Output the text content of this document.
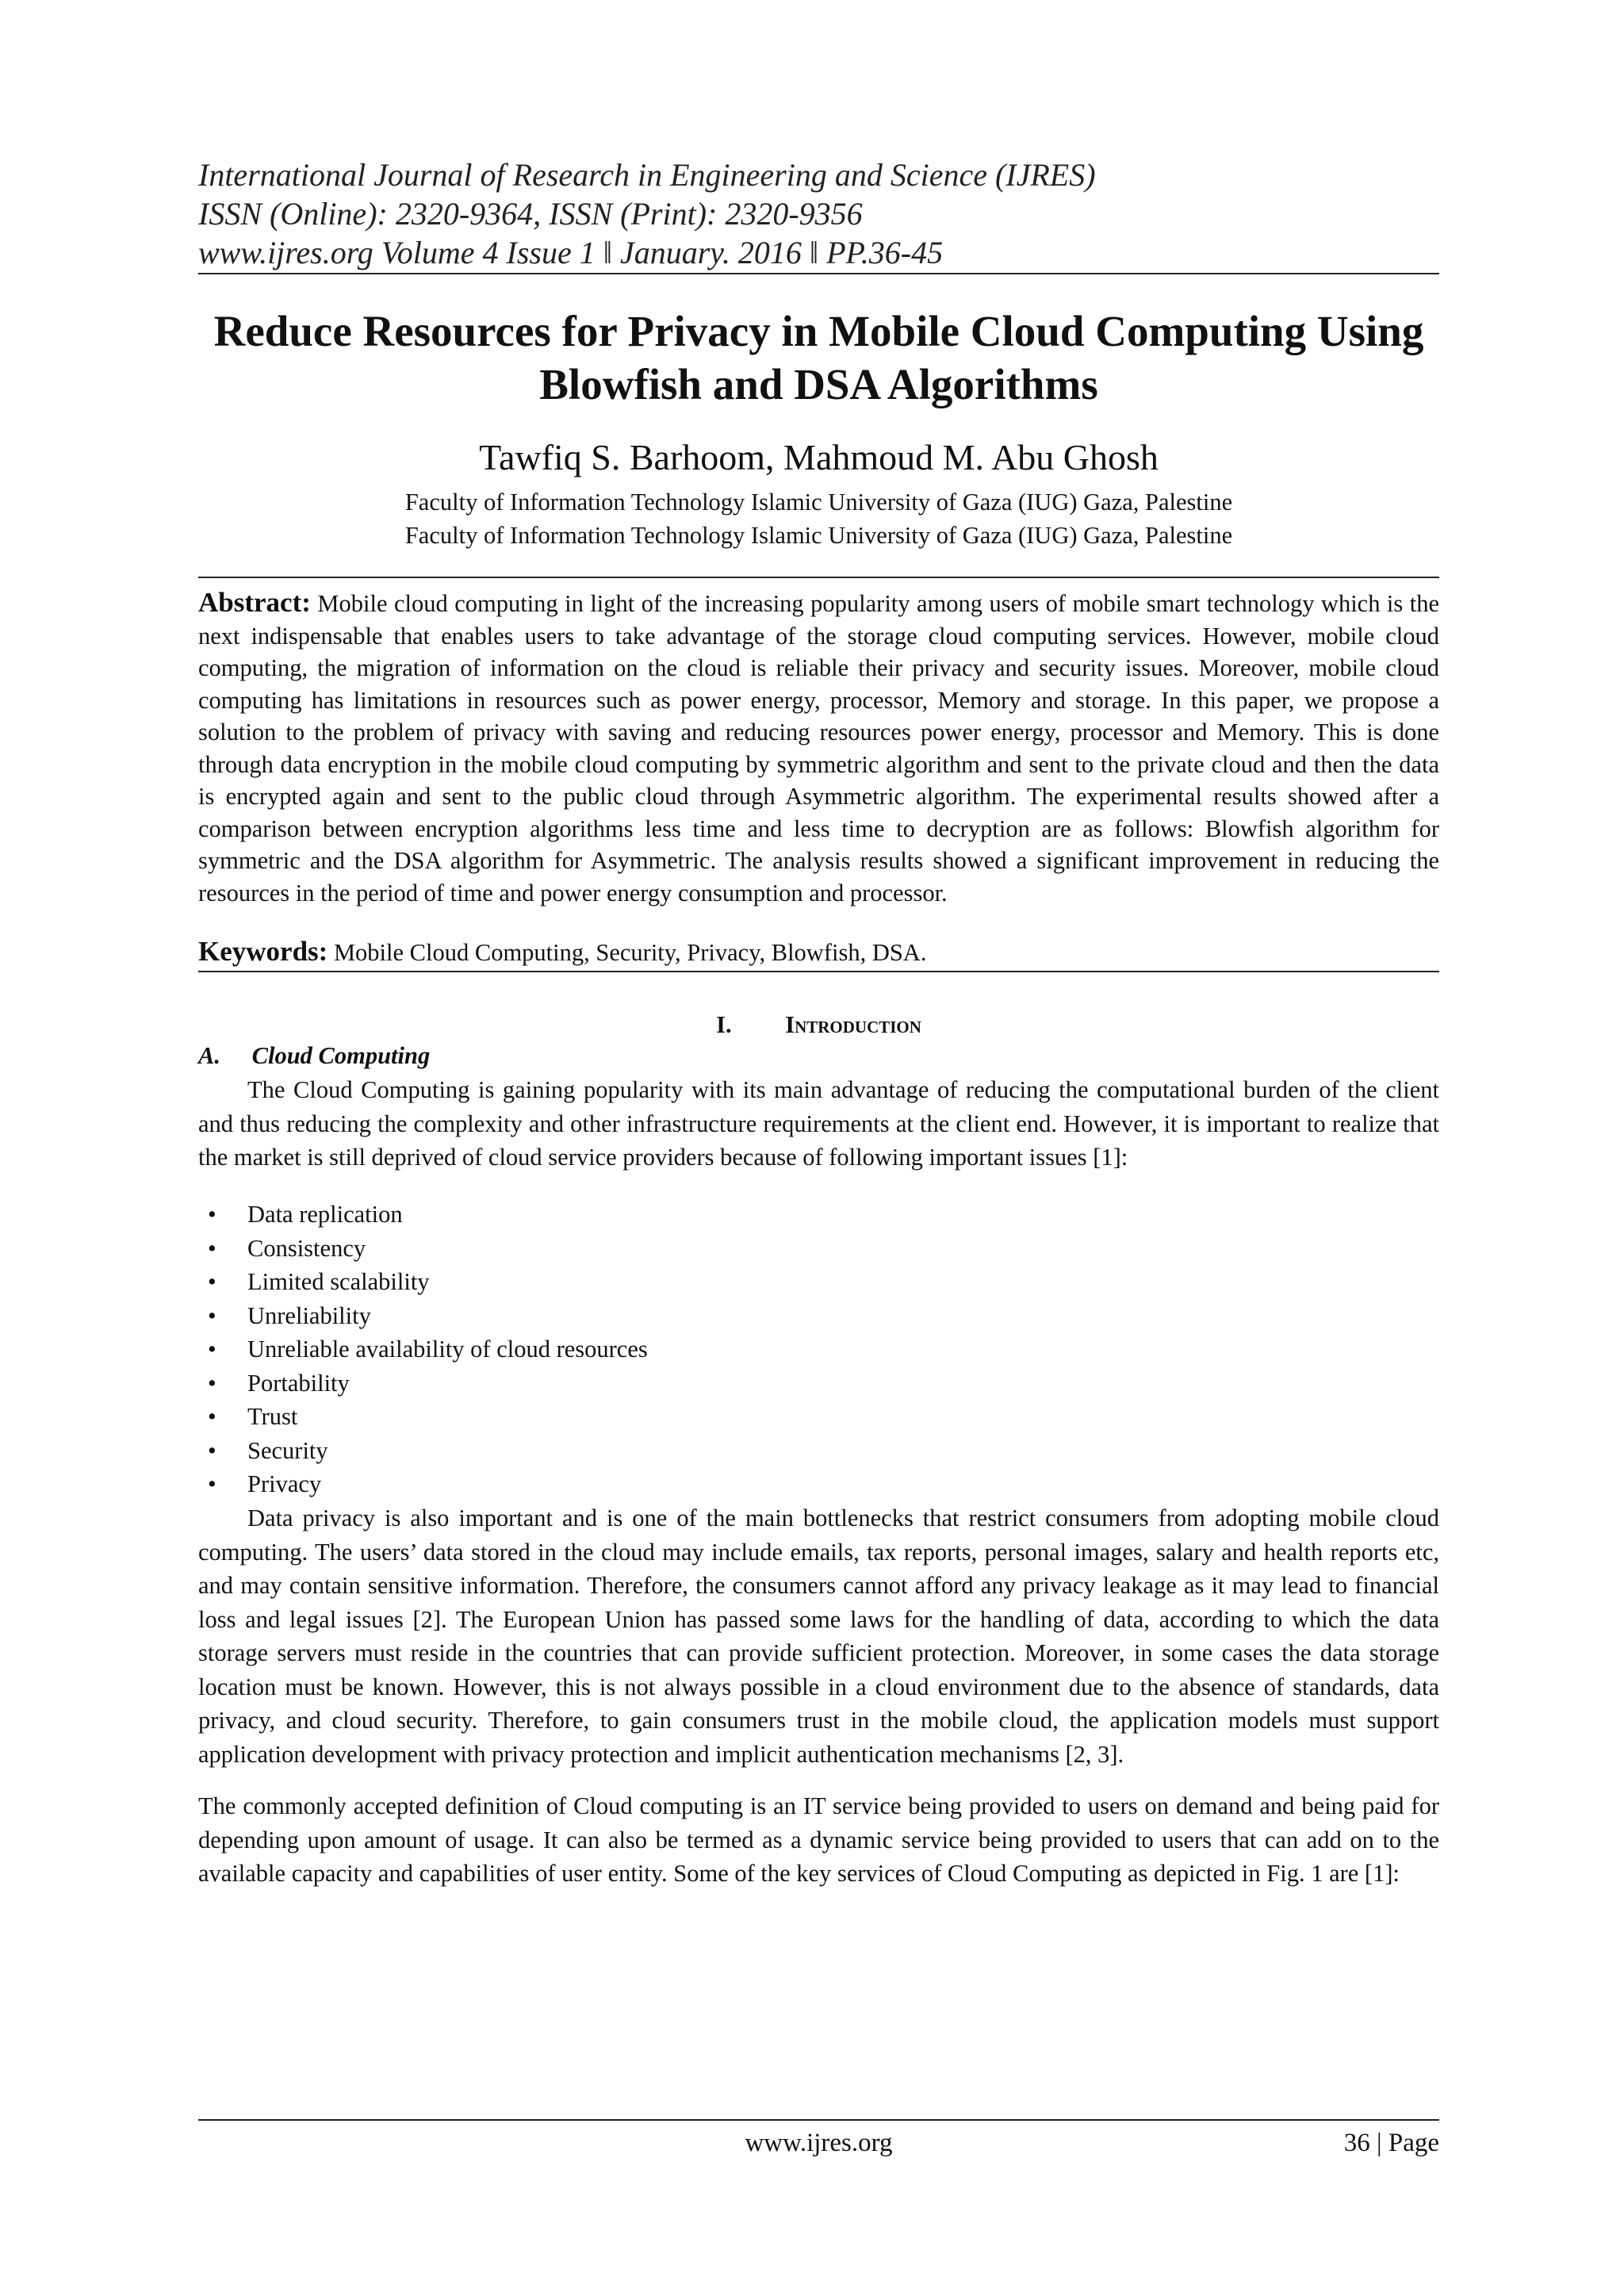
International Journal of Research in Engineering and Science (IJRES)
ISSN (Online): 2320-9364, ISSN (Print): 2320-9356
www.ijres.org Volume 4 Issue 1 ǁ January. 2016 ǁ PP.36-45
Reduce Resources for Privacy in Mobile Cloud Computing Using
Blowfish and DSA Algorithms
Tawfiq S. Barhoom, Mahmoud M. Abu Ghosh
Faculty of Information Technology Islamic University of Gaza (IUG) Gaza, Palestine
Faculty of Information Technology Islamic University of Gaza (IUG) Gaza, Palestine
Abstract: Mobile cloud computing in light of the increasing popularity among users of mobile smart technology which is the next indispensable that enables users to take advantage of the storage cloud computing services. However, mobile cloud computing, the migration of information on the cloud is reliable their privacy and security issues. Moreover, mobile cloud computing has limitations in resources such as power energy, processor, Memory and storage. In this paper, we propose a solution to the problem of privacy with saving and reducing resources power energy, processor and Memory. This is done through data encryption in the mobile cloud computing by symmetric algorithm and sent to the private cloud and then the data is encrypted again and sent to the public cloud through Asymmetric algorithm. The experimental results showed after a comparison between encryption algorithms less time and less time to decryption are as follows: Blowfish algorithm for symmetric and the DSA algorithm for Asymmetric. The analysis results showed a significant improvement in reducing the resources in the period of time and power energy consumption and processor.
Keywords: Mobile Cloud Computing, Security, Privacy, Blowfish, DSA.
I. Introduction
A. Cloud Computing
The Cloud Computing is gaining popularity with its main advantage of reducing the computational burden of the client and thus reducing the complexity and other infrastructure requirements at the client end. However, it is important to realize that the market is still deprived of cloud service providers because of following important issues [1]:
• Data replication
• Consistency
• Limited scalability
• Unreliability
• Unreliable availability of cloud resources
• Portability
• Trust
• Security
• Privacy
Data privacy is also important and is one of the main bottlenecks that restrict consumers from adopting mobile cloud computing. The users’ data stored in the cloud may include emails, tax reports, personal images, salary and health reports etc, and may contain sensitive information. Therefore, the consumers cannot afford any privacy leakage as it may lead to financial loss and legal issues [2]. The European Union has passed some laws for the handling of data, according to which the data storage servers must reside in the countries that can provide sufficient protection. Moreover, in some cases the data storage location must be known. However, this is not always possible in a cloud environment due to the absence of standards, data privacy, and cloud security. Therefore, to gain consumers trust in the mobile cloud, the application models must support application development with privacy protection and implicit authentication mechanisms [2, 3].
The commonly accepted definition of Cloud computing is an IT service being provided to users on demand and being paid for depending upon amount of usage. It can also be termed as a dynamic service being provided to users that can add on to the available capacity and capabilities of user entity. Some of the key services of Cloud Computing as depicted in Fig. 1 are [1]:
www.ijres.org	36 | Page
